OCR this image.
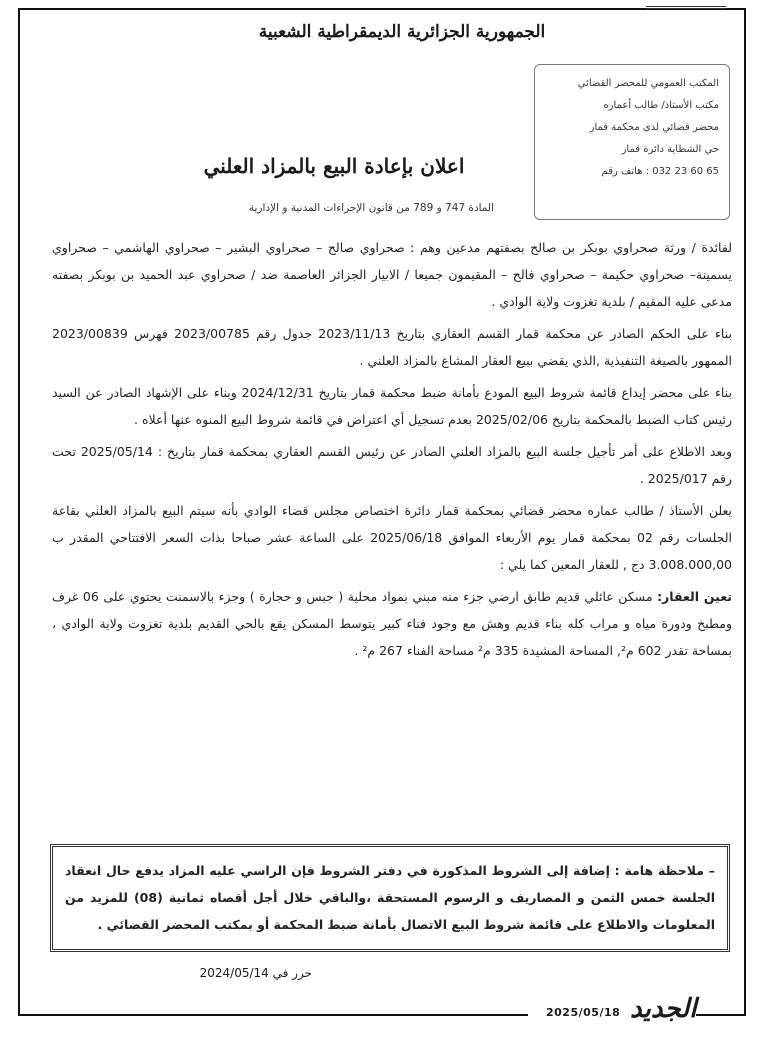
الجمهورية الجزائرية الديمقراطية الشعبية
المكتب العمومي للمحضر القضائي
مكتب الأستاذ/ طالب أعماره
محضر قضائي لدى محكمة قمار
حي الشطاية دائرة قمار
هاتف رقم : 032 23 60 65
اعلان بإعادة البيع بالمزاد العلني
المادة 747 و 789 من قانون الإجراءات المدنية و الإدارية

لفائدة / ورثة صحراوي بوبكر بن صالح بصفتهم مدعين وهم : صحراوي صالح – صحراوي البشير – صحراوي الهاشمي – صحراوي يسمينة– صحراوي حكيمة – صحراوي فالح – المقيمون جميعا / الابيار الجزائر العاصمة ضد / صحراوي عبد الحميد بن بوبكر بصفته مدعى عليه المقيم / بلدية تغزوت ولاية الوادي .

بناء على الحكم الصادر عن محكمة قمار القسم العقاري بتاريخ 2023/11/13 جدول رقم 2023/00785 فهرس 2023/00839 الممهور بالصيغة التنفيذية ,الذي يقضي ببيع العقار المشاع بالمزاد العلني .

بناء على محضر إيداع قائمة شروط البيع المودع بأمانة ضبط محكمة قمار بتاريخ 2024/12/31 وبناء على الإشهاد الصادر عن السيد رئيس كتاب الضبط بالمحكمة بتاريخ 2025/02/06 بعدم تسجيل أي اعتراض في قائمة شروط البيع المنوه عنها أعلاه .

وبعد الاطلاع على أمر تأجيل جلسة البيع بالمزاد العلني الصادر عن رئيس القسم العقاري بمحكمة قمار بتاريخ : 2025/05/14 تحت رقم 2025/017 .

يعلن الأستاذ / طالب عماره محضر قضائي بمحكمة قمار دائرة اختصاص مجلس قضاء الوادي بأنه سيتم البيع بالمزاد العلني بقاعة الجلسات رقم 02 بمحكمة قمار يوم الأربعاء الموافق 2025/06/18 على الساعة عشر صباحا بذات السعر الافتتاحي المقدر ب 3.008.000,00 دج , للعقار المعين كما يلي :

تعين العقار: مسكن عائلي قديم طابق ارضي جزء منه مبني بمواد محلية ( جبس و حجارة ) وجزء بالاسمنت يحتوي على 06 غرف ومطبخ ودورة مياه و مراب كله بناء قديم وهش مع وجود فناء كبير يتوسط المسكن يقع بالحي القديم بلدية تغزوت ولاية الوادي ، بمساحة تقدر 602 م², المساحة المشيدة 335 م² مساحة الفناء 267 م² .

– ملاحظة هامة : إضافة إلى الشروط المذكورة في دفتر الشروط فإن الراسي عليه المزاد يدفع حال انعقاد الجلسة خمس الثمن و المصاريف و الرسوم المستحقة ،والباقي خلال أجل أقصاه ثمانية (08) للمزيد من المعلومات والاطلاع على قائمة شروط البيع الاتصال بأمانة ضبط المحكمة أو بمكتب المحضر القضائي .
حرر في 2024/05/14
2025/05/18 الجديد
